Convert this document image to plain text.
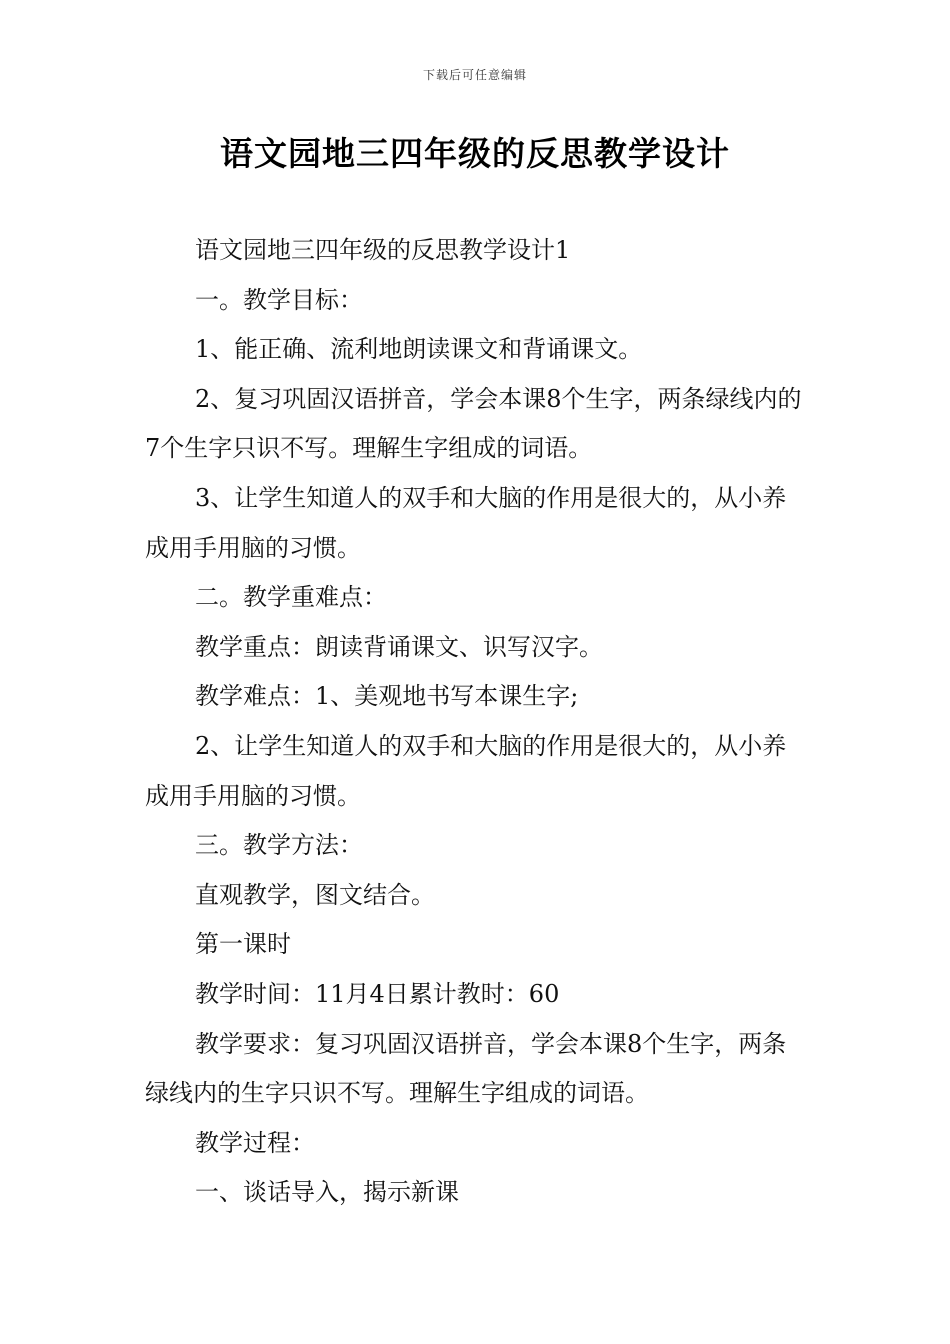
下载后可任意编辑
语文园地三四年级的反思教学设计

语文园地三四年级的反思教学设计1

一。教学目标：

1、能正确、流利地朗读课文和背诵课文。

2、复习巩固汉语拼音，学会本课8个生字，两条绿线内的7个生字只识不写。理解生字组成的词语。

3、让学生知道人的双手和大脑的作用是很大的，从小养成用手用脑的习惯。

二。教学重难点：

教学重点：朗读背诵课文、识写汉字。

教学难点：1、美观地书写本课生字;

2、让学生知道人的双手和大脑的作用是很大的，从小养成用手用脑的习惯。

三。教学方法：

直观教学，图文结合。

第一课时

教学时间：11月4日累计教时：60

教学要求：复习巩固汉语拼音，学会本课8个生字，两条绿线内的生字只识不写。理解生字组成的词语。

教学过程：

一、谈话导入，揭示新课
